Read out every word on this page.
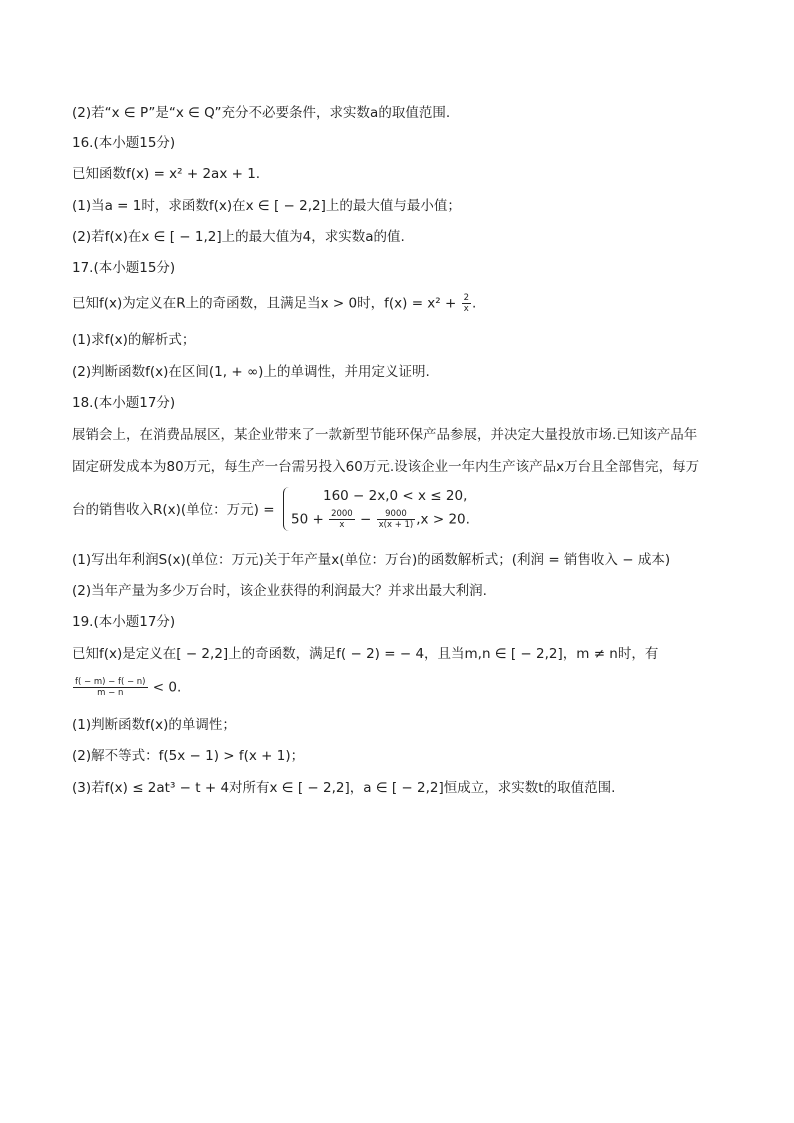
(2)若“x ∈ P”是“x ∈ Q”充分不必要条件，求实数a的取值范围.
16.(本小题15分)
已知函数f(x) = x² + 2ax + 1.
(1)当a = 1时，求函数f(x)在x ∈ [ − 2,2]上的最大值与最小值；
(2)若f(x)在x ∈ [ − 1,2]上的最大值为4，求实数a的值.
17.(本小题15分)
已知f(x)为定义在R上的奇函数，且满足当x > 0时，$f(x) = x^2 + \frac{2}{x}$ .
(1)求f(x)的解析式；
(2)判断函数f(x)在区间(1, + ∞)上的单调性，并用定义证明.
18.(本小题17分)
展销会上，在消费品展区，某企业带来了一款新型节能环保产品参展，并决定大量投放市场.已知该产品年
固定研发成本为80万元，每生产一台需另投入60万元.设该企业一年内生产该产品x万台且全部售完，每万
台的销售收入R(x)(单位：万元) =
160 − 2x,0 < x ≤ 20,
$50 + \frac{2000}{x} - \frac{9000}{x(x + 1)} ,x > 20$.
(1)写出年利润S(x)(单位：万元)关于年产量x(单位：万台)的函数解析式；(利润 = 销售收入 − 成本)
(2)当年产量为多少万台时，该企业获得的利润最大？并求出最大利润.
19.(本小题17分)
已知f(x)是定义在[ − 2,2]上的奇函数，满足f( − 2) = − 4，且当m,n ∈ [ − 2,2]，m ≠ n时，有
$\frac{f( - m) - f( - n)}{m - n} < 0$.
(1)判断函数f(x)的单调性；
(2)解不等式：f(5x − 1) > f(x + 1)；
(3)若f(x) ≤ 2at³ − t + 4对所有x ∈ [ − 2,2]，a ∈ [ − 2,2]恒成立，求实数t的取值范围.
